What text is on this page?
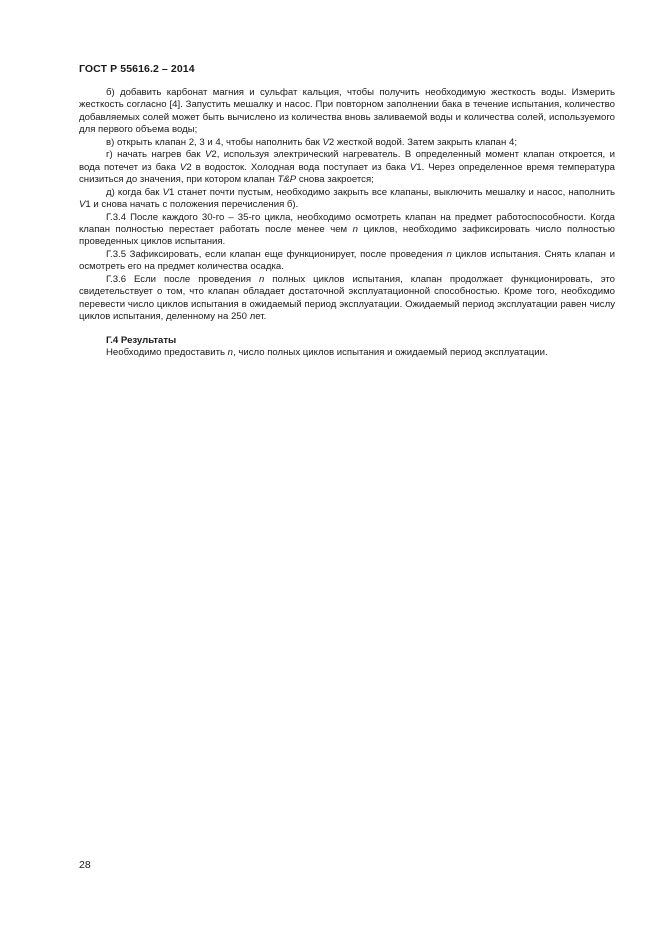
ГОСТ Р 55616.2 – 2014

б) добавить карбонат магния и сульфат кальция, чтобы получить необходимую жесткость воды. Измерить жесткость согласно [4]. Запустить мешалку и насос. При повторном заполнении бака в течение испытания, количество добавляемых солей может быть вычислено из количества вновь заливаемой воды и количества солей, используемого для первого объема воды;

в) открыть клапан 2, 3 и 4, чтобы наполнить бак V2 жесткой водой. Затем закрыть клапан 4;

г) начать нагрев бак V2, используя электрический нагреватель. В определенный момент клапан откроется, и вода потечет из бака V2 в водосток. Холодная вода поступает из бака V1. Через определенное время температура снизиться до значения, при котором клапан T&P снова закроется;

д) когда бак V1 станет почти пустым, необходимо закрыть все клапаны, выключить мешалку и насос, наполнить V1 и снова начать с положения перечисления б).

Г.3.4 После каждого 30-го – 35-го цикла, необходимо осмотреть клапан на предмет работоспособности. Когда клапан полностью перестает работать после менее чем n циклов, необходимо зафиксировать число полностью проведенных циклов испытания.

Г.3.5 Зафиксировать, если клапан еще функционирует, после проведения n циклов испытания. Снять клапан и осмотреть его на предмет количества осадка.

Г.3.6 Если после проведения n полных циклов испытания, клапан продолжает функционировать, это свидетельствует о том, что клапан обладает достаточной эксплуатационной способностью. Кроме того, необходимо перевести число циклов испытания в ожидаемый период эксплуатации. Ожидаемый период эксплуатации равен числу циклов испытания, деленному на 250 лет.

Г.4 Результаты

Необходимо предоставить n, число полных циклов испытания и ожидаемый период эксплуатации.

28
